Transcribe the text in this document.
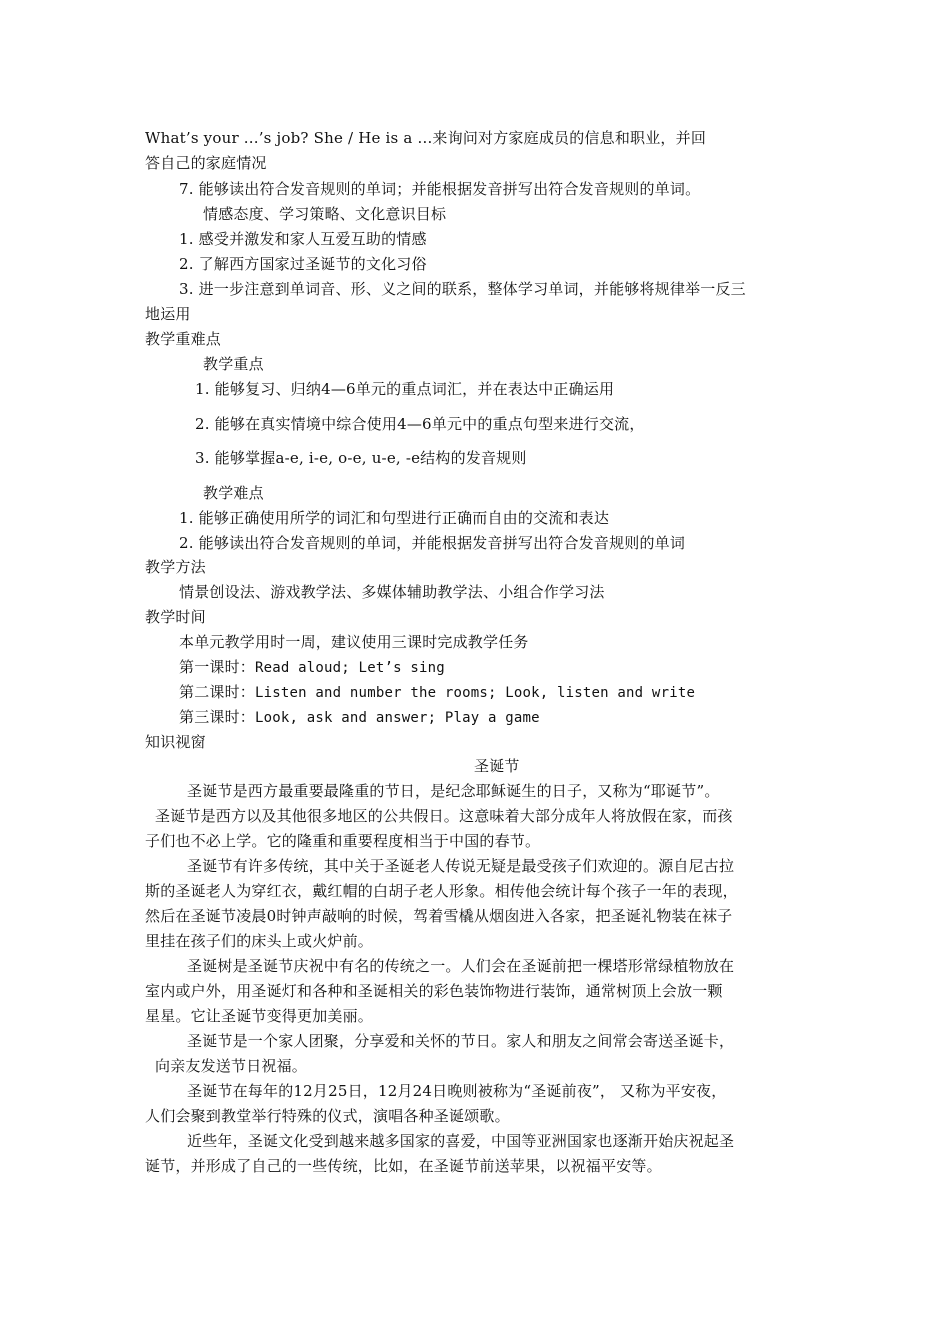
What’s your ...’s job? She / He is a ...来询问对方家庭成员的信息和职业，并回
答自己的家庭情况
7. 能够读出符合发音规则的单词；并能根据发音拼写出符合发音规则的单词。
情感态度、学习策略、文化意识目标
1. 感受并激发和家人互爱互助的情感
2. 了解西方国家过圣诞节的文化习俗
3. 进一步注意到单词音、形、义之间的联系，整体学习单词，并能够将规律举一反三
地运用
教学重难点
教学重点
1. 能够复习、归纳4—6单元的重点词汇，并在表达中正确运用
2. 能够在真实情境中综合使用4—6单元中的重点句型来进行交流，
3. 能够掌握a-e, i-e, o-e, u-e, -e结构的发音规则
教学难点
1. 能够正确使用所学的词汇和句型进行正确而自由的交流和表达
2. 能够读出符合发音规则的单词，并能根据发音拼写出符合发音规则的单词
教学方法
情景创设法、游戏教学法、多媒体辅助教学法、小组合作学习法
教学时间
本单元教学用时一周，建议使用三课时完成教学任务
第一课时：Read aloud; Let’s sing
第二课时：Listen and number the rooms; Look, listen and write
第三课时：Look, ask and answer; Play a game
知识视窗
圣诞节
圣诞节是西方最重要最隆重的节日，是纪念耶稣诞生的日子，又称为“耶诞节”。
圣诞节是西方以及其他很多地区的公共假日。这意味着大部分成年人将放假在家，而孩
子们也不必上学。它的隆重和重要程度相当于中国的春节。
圣诞节有许多传统，其中关于圣诞老人传说无疑是最受孩子们欢迎的。源自尼古拉
斯的圣诞老人为穿红衣，戴红帽的白胡子老人形象。相传他会统计每个孩子一年的表现，
然后在圣诞节凌晨0时钟声敲响的时候，驾着雪橇从烟囱进入各家，把圣诞礼物装在袜子
里挂在孩子们的床头上或火炉前。
圣诞树是圣诞节庆祝中有名的传统之一。人们会在圣诞前把一棵塔形常绿植物放在
室内或户外，用圣诞灯和各种和圣诞相关的彩色装饰物进行装饰，通常树顶上会放一颗
星星。它让圣诞节变得更加美丽。
圣诞节是一个家人团聚，分享爱和关怀的节日。家人和朋友之间常会寄送圣诞卡，
向亲友发送节日祝福。
圣诞节在每年的12月25日，12月24日晚则被称为“圣诞前夜”， 又称为平安夜，
人们会聚到教堂举行特殊的仪式，演唱各种圣诞颂歌。
近些年，圣诞文化受到越来越多国家的喜爱，中国等亚洲国家也逐渐开始庆祝起圣
诞节，并形成了自己的一些传统，比如，在圣诞节前送苹果，以祝福平安等。
